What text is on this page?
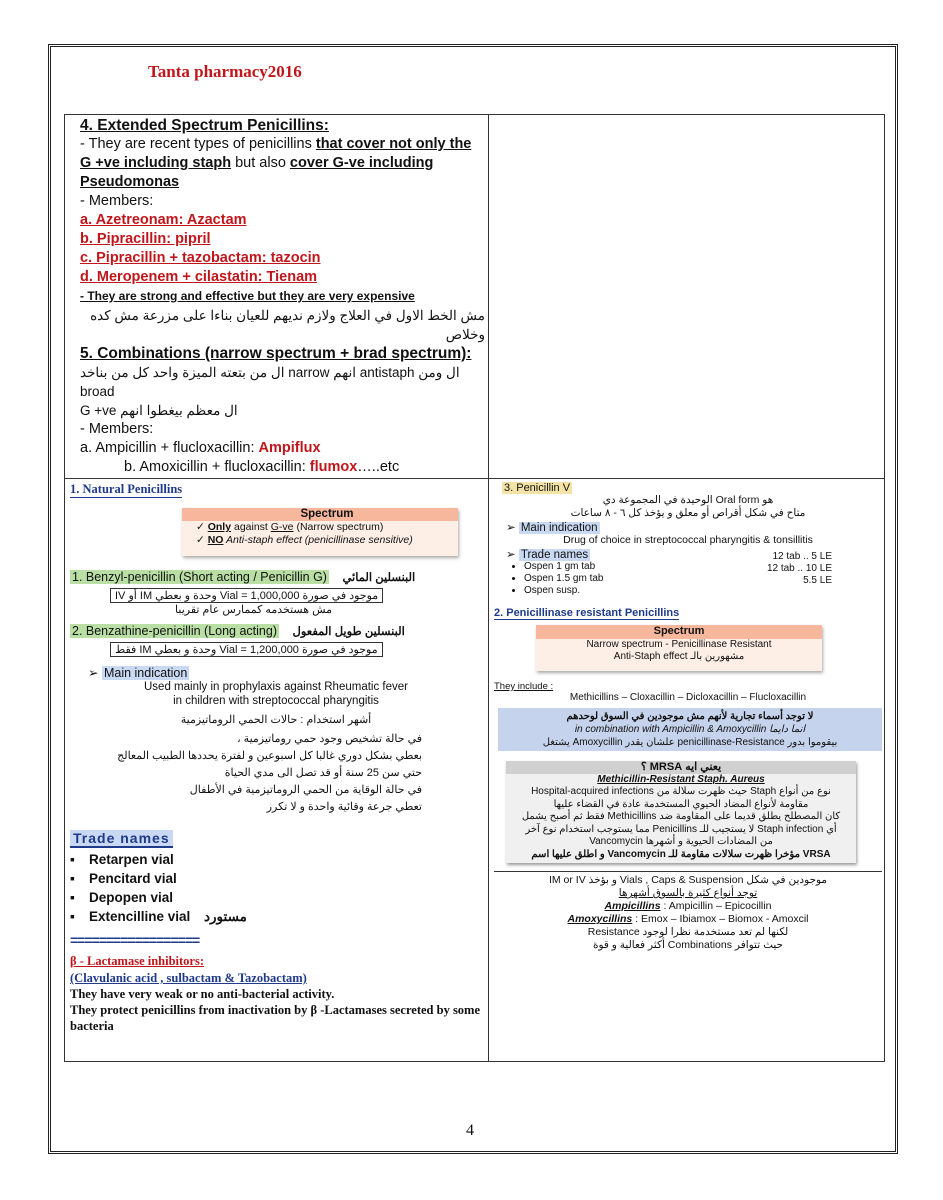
Tanta pharmacy2016
4. Extended Spectrum Penicillins:
- They are recent types of penicillins that cover not only the G +ve including staph but also cover G-ve including Pseudomonas
- Members:
a. Azetreonam: Azactam
b. Pipracillin: pipril
c. Pipracillin + tazobactam: tazocin
d. Meropenem + cilastatin: Tienam
- They are strong and effective but they are very expensive
مش الخط الاول في العلاج ولازم نديهم للعيان بناءا على مزرعة مش كده وخلاص
5. Combinations (narrow spectrum + brad spectrum):
ال ومن antistaph انهم narrow ال من بتعته الميزة واحد كل من بناخد broad
ال معظم بيغطوا انهم G +ve
- Members:
a. Ampicillin + flucloxacillin: Ampiflux
b. Amoxicillin + flucloxacillin: flumox…..etc
1. Natural Penicillins
Spectrum
✓ Only against G-ve (Narrow spectrum)
✓ NO Anti-staph effect (penicillinase sensitive)
1. Benzyl-penicillin (Short acting / Penicillin G) البنسلين المائي
موجود في صورة Vial = 1,000,000 وحدة و بعطي IM أو IV
مش هستخدمه كممارس عام تقريبا
2. Benzathine-penicillin (Long acting) البنسلين طويل المفعول
موجود في صورة Vial = 1,200,000 وحدة و بعطي IM فقط
➢ Main indication
Used mainly in prophylaxis against Rheumatic fever
in children with streptococcal pharyngitis
أشهر استخدام : حالات الحمي الروماتيزمية
في حالة تشخيص وجود حمي روماتيزمية ،
بعطي بشكل دوري غالبا كل اسبوعين و لفترة يحددها الطبيب المعالج
حتي سن 25 سنة أو قد تصل الى مدي الحياة
في حالة الوقاية من الحمي الروماتيزمية في الأطفال
تعطي جرعة وقائية واحدة و لا تكرر
Trade names
▪ Retarpen vial
▪ Pencitard vial
▪ Depopen vial
▪ Extencilline vial مستورد
==================
β - Lactamase inhibitors:
(Clavulanic acid , sulbactam & Tazobactam)
They have very weak or no anti-bacterial activity.
They protect penicillins from inactivation by β -Lactamases secreted by some bacteria
3. Penicillin V
هو Oral form الوحيدة في المجموعة دي
متاح في شكل أقراص أو معلق و يؤخذ كل ٦ - ٨ ساعات
➢ Main indication
Drug of choice in streptococcal pharyngitis & tonsillitis
➢ Trade names
• Ospen 1 gm tab
• Ospen 1.5 gm tab
• Ospen susp.
12 tab .. 5 LE
12 tab .. 10 LE
5.5 LE
2. Penicillinase resistant Penicillins
Spectrum
Narrow spectrum - Penicillinase Resistant
Anti-Staph effect مشهورين بالـ
They include :
Methicillins – Cloxacillin – Dicloxacillin – Flucloxacillin
لا توجد أسماء تجارية لأنهم مش موجودين في السوق لوحدهم
انما دايما in combination with Ampicillin & Amoxycillin
بيقوموا بدور penicillinase-Resistance علشان يقدر Amoxycillin يشتغل
يعني ايه MRSA ؟
Methicillin-Resistant Staph. Aureus
نوع من أنواع Staph حيث ظهرت سلالة من Hospital-acquired infections
مقاومة لأنواع المضاد الحيوي المستخدمة عادة في القضاء عليها
كان المصطلح يطلق قديما على المقاومة ضد Methicillins فقط ثم أصبح يشمل
أي Staph infection لا يستجيب للـ Penicillins مما يستوجب استخدام نوع آخر
من المضادات الحيوية و أشهرها Vancomycin
VRSA مؤخرا ظهرت سلالات مقاومة للـ Vancomycin و اطلق عليها اسم
موجودين في شكل Vials , Caps & Suspension و بؤخذ IM or IV
توجد أنواع كثيرة بالسوق أشهرها
Ampicillins : Ampicillin – Epicocillin
Amoxycillins : Emox – Ibiamox – Biomox - Amoxcil
لكنها لم تعد مستخدمة نظرا لوجود Resistance
حيث تتوافر Combinations أكثر فعالية و قوة
4
